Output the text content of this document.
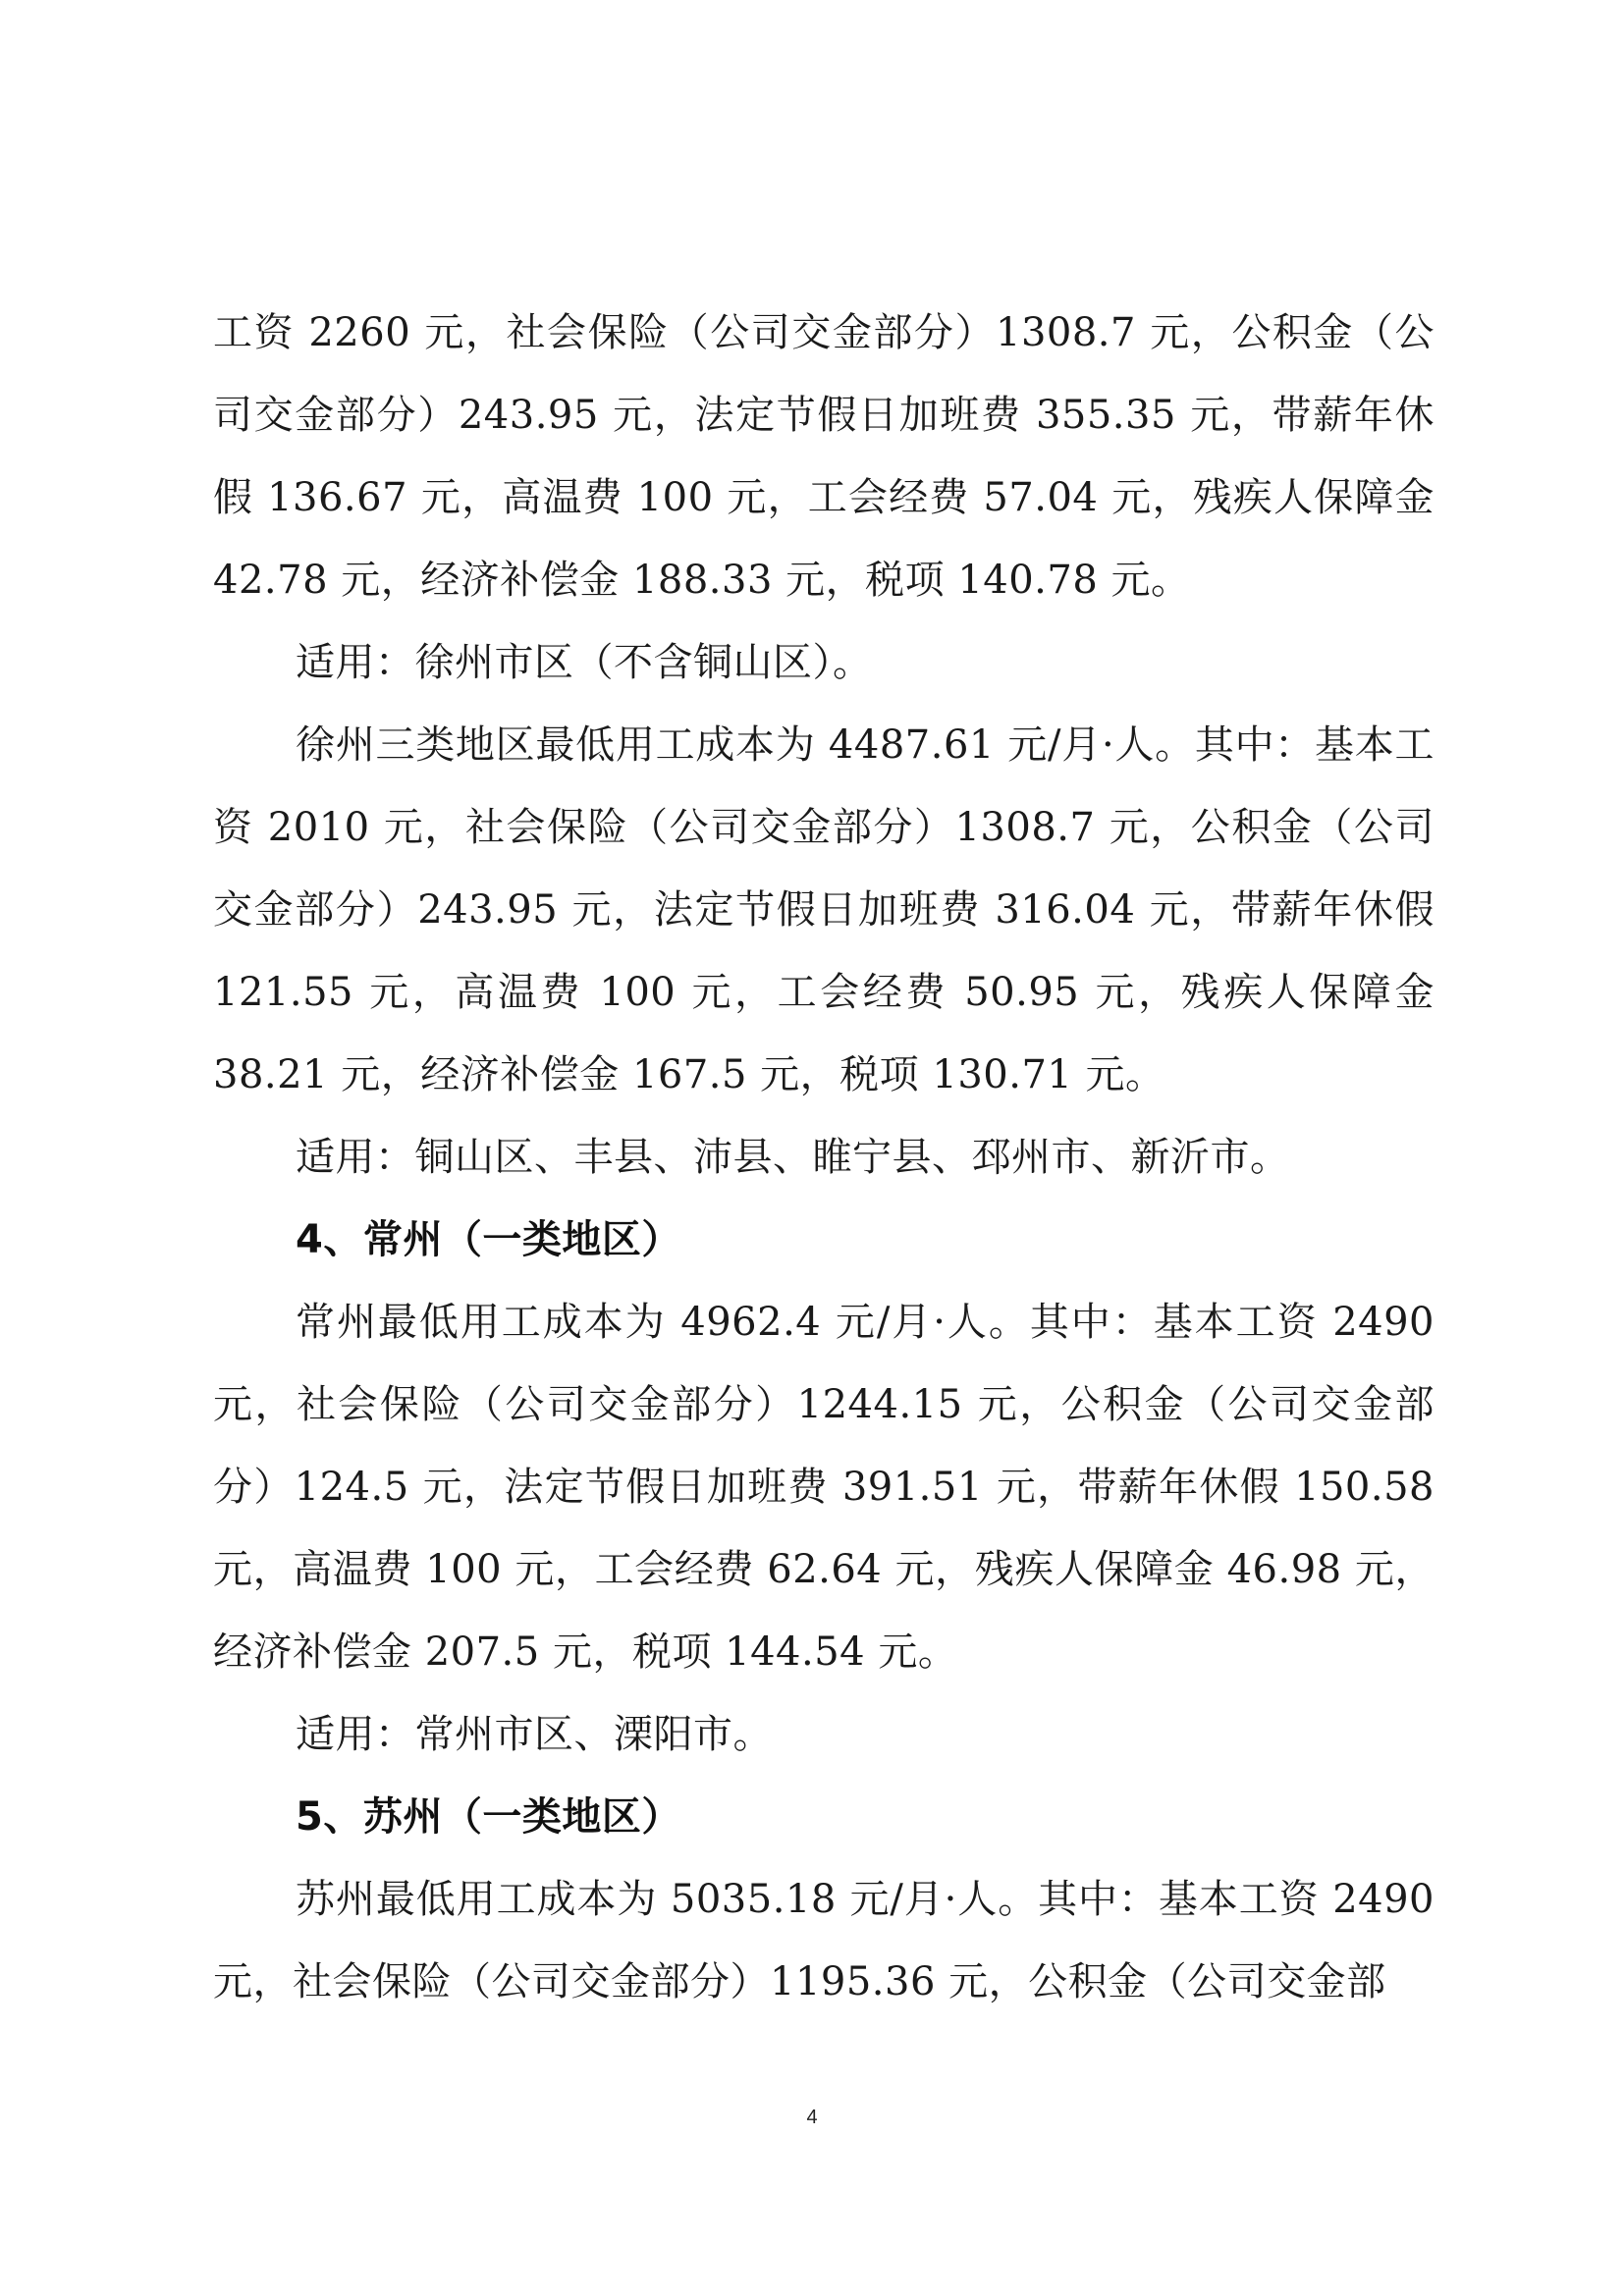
工资 2260 元，社会保险（公司交金部分）1308.7 元，公积金（公司交金部分）243.95 元，法定节假日加班费 355.35 元，带薪年休假 136.67 元，高温费 100 元，工会经费 57.04 元，残疾人保障金 42.78 元，经济补偿金 188.33 元，税项 140.78 元。

适用：徐州市区（不含铜山区）。

徐州三类地区最低用工成本为 4487.61 元/月·人。其中：基本工资 2010 元，社会保险（公司交金部分）1308.7 元，公积金（公司交金部分）243.95 元，法定节假日加班费 316.04 元，带薪年休假 121.55 元，高温费 100 元，工会经费 50.95 元，残疾人保障金 38.21 元，经济补偿金 167.5 元，税项 130.71 元。

适用：铜山区、丰县、沛县、睢宁县、邳州市、新沂市。

4、常州（一类地区）

常州最低用工成本为 4962.4 元/月·人。其中：基本工资 2490 元，社会保险（公司交金部分）1244.15 元，公积金（公司交金部分）124.5 元，法定节假日加班费 391.51 元，带薪年休假 150.58 元，高温费 100 元，工会经费 62.64 元，残疾人保障金 46.98 元，经济补偿金 207.5 元，税项 144.54 元。

适用：常州市区、溧阳市。

5、苏州（一类地区）

苏州最低用工成本为 5035.18 元/月·人。其中：基本工资 2490 元，社会保险（公司交金部分）1195.36 元，公积金（公司交金部

4
